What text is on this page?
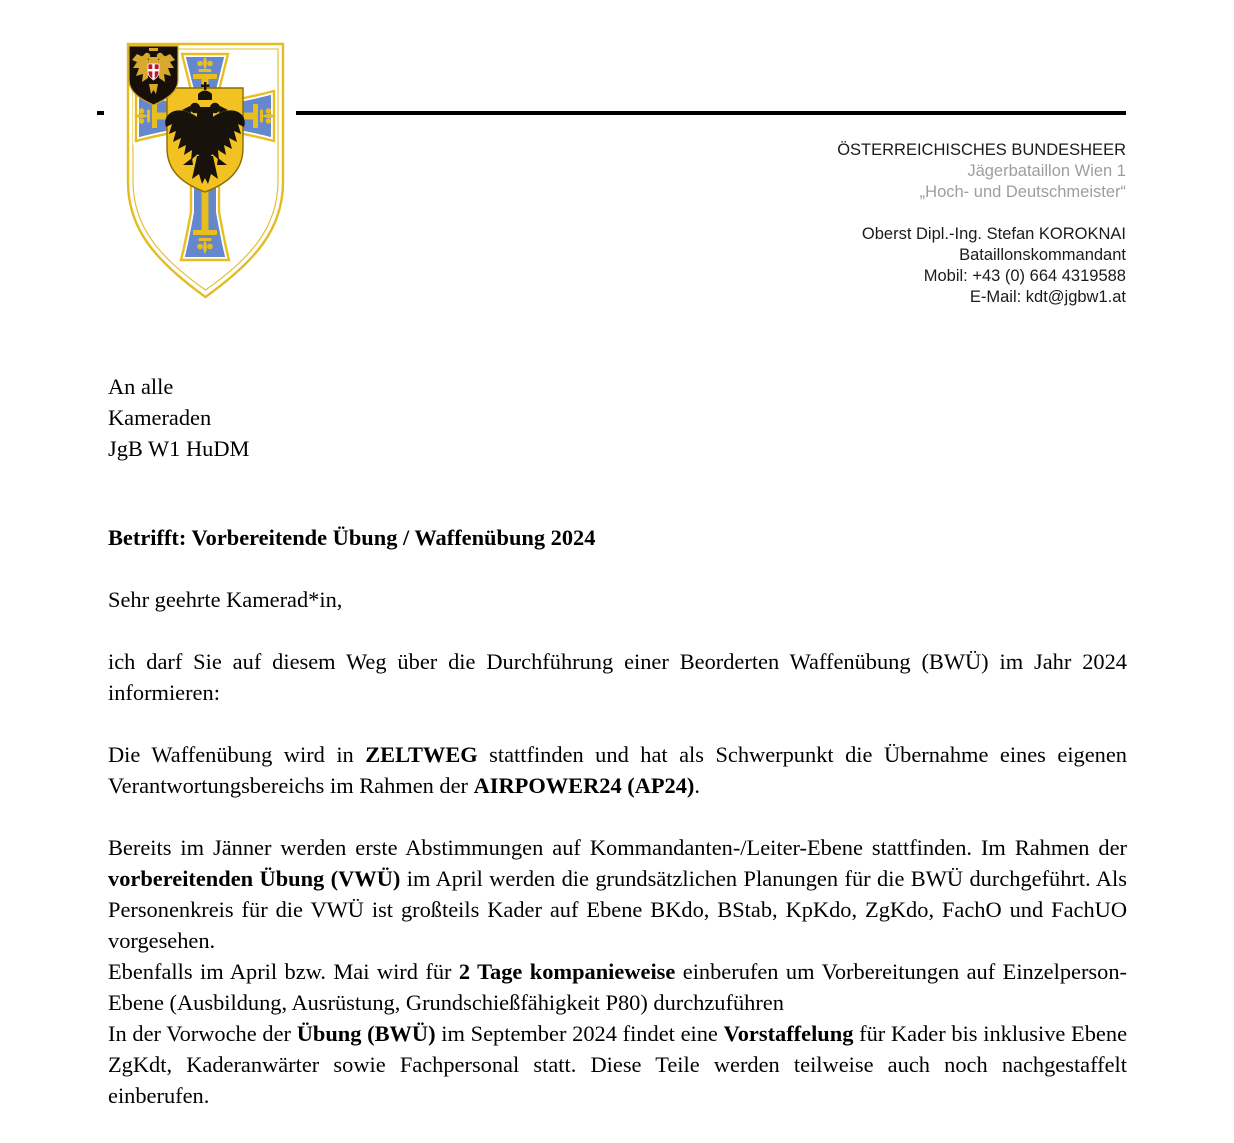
ÖSTERREICHISCHES BUNDESHEER
Jägerbataillon Wien 1
„Hoch- und Deutschmeister“
Oberst Dipl.-Ing. Stefan KOROKNAI
Bataillonskommandant
Mobil: +43 (0) 664 4319588
E-Mail: kdt@jgbw1.at
An alle
Kameraden
JgB W1 HuDM
Betrifft: Vorbereitende Übung / Waffenübung 2024
Sehr geehrte Kamerad*in,

ich darf Sie auf diesem Weg über die Durchführung einer Beorderten Waffenübung (BWÜ) im Jahr 2024 informieren:

Die Waffenübung wird in ZELTWEG stattfinden und hat als Schwerpunkt die Übernahme eines eigenen Verantwortungsbereichs im Rahmen der AIRPOWER24 (AP24).

Bereits im Jänner werden erste Abstimmungen auf Kommandanten-/Leiter-Ebene stattfinden. Im Rahmen der vorbereitenden Übung (VWÜ) im April werden die grundsätzlichen Planungen für die BWÜ durchgeführt. Als Personenkreis für die VWÜ ist großteils Kader auf Ebene BKdo, BStab, KpKdo, ZgKdo, FachO und FachUO vorgesehen.

Ebenfalls im April bzw. Mai wird für 2 Tage kompanieweise einberufen um Vorbereitungen auf Einzelperson-Ebene (Ausbildung, Ausrüstung, Grundschießfähigkeit P80) durchzuführen

In der Vorwoche der Übung (BWÜ) im September 2024 findet eine Vorstaffelung für Kader bis inklusive Ebene ZgKdt, Kaderanwärter sowie Fachpersonal statt. Diese Teile werden teilweise auch noch nachgestaffelt einberufen.
